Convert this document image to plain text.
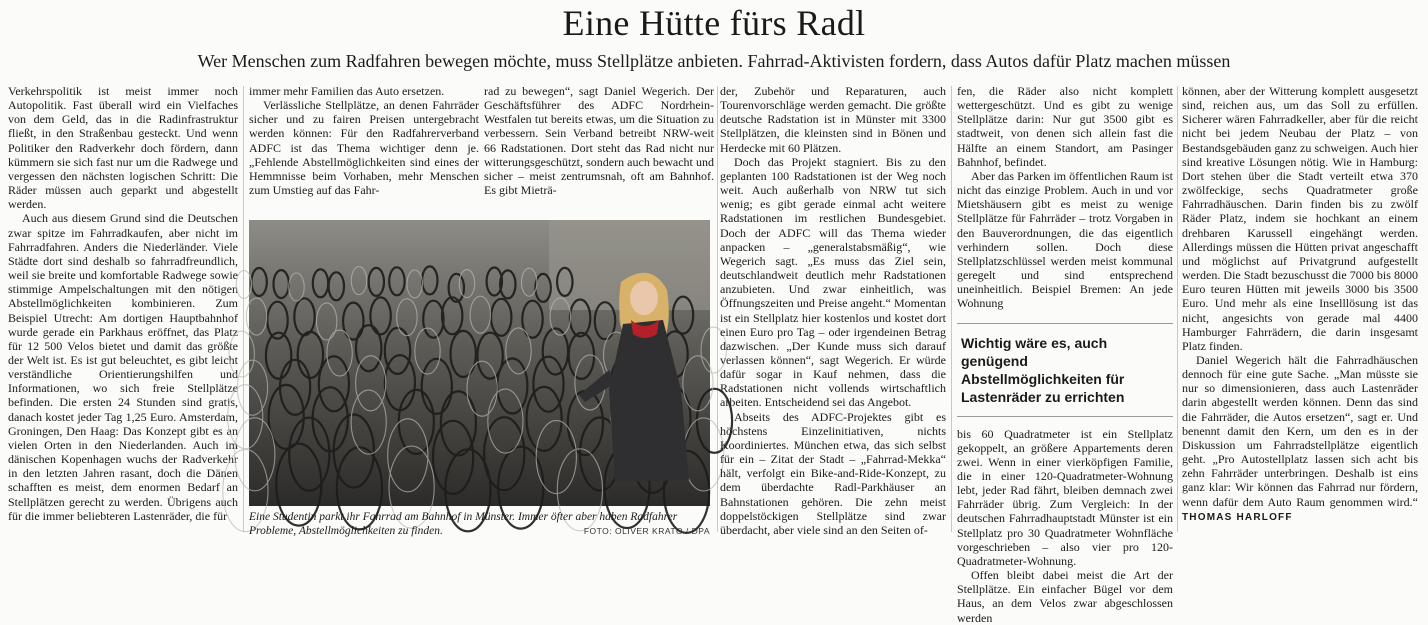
Eine Hütte fürs Radl

Wer Menschen zum Radfahren bewegen möchte, muss Stellplätze anbieten. Fahrrad-Aktivisten fordern, dass Autos dafür Platz machen müssen

Verkehrspolitik ist meist immer noch Autopolitik. Fast überall wird ein Vielfaches von dem Geld, das in die Radinfrastruktur fließt, in den Straßenbau gesteckt. Und wenn Politiker den Radverkehr doch fördern, dann kümmern sie sich fast nur um die Radwege und vergessen den nächsten logischen Schritt: Die Räder müssen auch geparkt und abgestellt werden.

Auch aus diesem Grund sind die Deutschen zwar spitze im Fahrradkaufen, aber nicht im Fahrradfahren. Anders die Niederländer. Viele Städte dort sind deshalb so fahrradfreundlich, weil sie breite und komfortable Radwege sowie stimmige Ampelschaltungen mit den nötigen Abstellmöglichkeiten kombinieren. Zum Beispiel Utrecht: Am dortigen Hauptbahnhof wurde gerade ein Parkhaus eröffnet, das Platz für 12 500 Velos bietet und damit das größte der Welt ist. Es ist gut beleuchtet, es gibt leicht verständliche Orientierungshilfen und Informationen, wo sich freie Stellplätze befinden. Die ersten 24 Stunden sind gratis, danach kostet jeder Tag 1,25 Euro. Amsterdam, Groningen, Den Haag: Das Konzept gibt es an vielen Orten in den Niederlanden. Auch im dänischen Kopenhagen wuchs der Radverkehr in den letzten Jahren rasant, doch die Dänen schafften es meist, dem enormen Bedarf an Stellplätzen gerecht zu werden. Übrigens auch für die immer beliebteren Lastenräder, die für

immer mehr Familien das Auto ersetzen.

Verlässliche Stellplätze, an denen Fahrräder sicher und zu fairen Preisen untergebracht werden können: Für den Radfahrerverband ADFC ist das Thema wichtiger denn je. „Fehlende Abstellmöglichkeiten sind eines der Hemmnisse beim Vorhaben, mehr Menschen zum Umstieg auf das Fahr-

rad zu bewegen“, sagt Daniel Wegerich. Der Geschäftsführer des ADFC Nordrhein-Westfalen tut bereits etwas, um die Situation zu verbessern. Sein Verband betreibt NRW-weit 66 Radstationen. Dort steht das Rad nicht nur witterungsgeschützt, sondern auch bewacht und sicher – meist zentrumsnah, oft am Bahnhof. Es gibt Mieträ-

Eine Studentin parkt ihr Fahrrad am Bahnhof in Münster. Immer öfter aber haben Radfahrer Probleme, Abstellmöglichkeiten zu finden.	FOTO: OLIVER KRATO / DPA

der, Zubehör und Reparaturen, auch Tourenvorschläge werden gemacht. Die größte deutsche Radstation ist in Münster mit 3300 Stellplätzen, die kleinsten sind in Bönen und Herdecke mit 60 Plätzen.

Doch das Projekt stagniert. Bis zu den geplanten 100 Radstationen ist der Weg noch weit. Auch außerhalb von NRW tut sich wenig; es gibt gerade einmal acht weitere Radstationen im restlichen Bundesgebiet. Doch der ADFC will das Thema wieder anpacken – „generalstabsmäßig“, wie Wegerich sagt. „Es muss das Ziel sein, deutschlandweit deutlich mehr Radstationen anzubieten. Und zwar einheitlich, was Öffnungszeiten und Preise angeht.“ Momentan ist ein Stellplatz hier kostenlos und kostet dort einen Euro pro Tag – oder irgendeinen Betrag dazwischen. „Der Kunde muss sich darauf verlassen können“, sagt Wegerich. Er würde dafür sogar in Kauf nehmen, dass die Radstationen nicht vollends wirtschaftlich arbeiten. Entscheidend sei das Angebot.

Abseits des ADFC-Projektes gibt es höchstens Einzelinitiativen, nichts Koordiniertes. München etwa, das sich selbst für ein – Zitat der Stadt – „Fahrrad-Mekka“ hält, verfolgt ein Bike-and-Ride-Konzept, zu dem überdachte Radl-Parkhäuser an Bahnstationen gehören. Die zehn meist doppelstöckigen Stellplätze sind zwar überdacht, aber viele sind an den Seiten of-

fen, die Räder also nicht komplett wettergeschützt. Und es gibt zu wenige Stellplätze darin: Nur gut 3500 gibt es stadtweit, von denen sich allein fast die Hälfte an einem Standort, am Pasinger Bahnhof, befindet.

Aber das Parken im öffentlichen Raum ist nicht das einzige Problem. Auch in und vor Mietshäusern gibt es meist zu wenige Stellplätze für Fahrräder – trotz Vorgaben in den Bauverordnungen, die das eigentlich verhindern sollen. Doch diese Stellplatzschlüssel werden meist kommunal geregelt und sind entsprechend uneinheitlich. Beispiel Bremen: An jede Wohnung

Wichtig wäre es, auch genügend Abstellmöglichkeiten für Lastenräder zu errichten

bis 60 Quadratmeter ist ein Stellplatz gekoppelt, an größere Appartements deren zwei. Wenn in einer vierköpfigen Familie, die in einer 120-Quadratmeter-Wohnung lebt, jeder Rad fährt, bleiben demnach zwei Fahrräder übrig. Zum Vergleich: In der deutschen Fahrradhauptstadt Münster ist ein Stellplatz pro 30 Quadratmeter Wohnfläche vorgeschrieben – also vier pro 120-Quadratmeter-Wohnung.

Offen bleibt dabei meist die Art der Stellplätze. Ein einfacher Bügel vor dem Haus, an dem Velos zwar abgeschlossen werden

können, aber der Witterung komplett ausgesetzt sind, reichen aus, um das Soll zu erfüllen. Sicherer wären Fahrradkeller, aber für die reicht nicht bei jedem Neubau der Platz – von Bestandsgebäuden ganz zu schweigen. Auch hier sind kreative Lösungen nötig. Wie in Hamburg: Dort stehen über die Stadt verteilt etwa 370 zwölfeckige, sechs Quadratmeter große Fahrradhäuschen. Darin finden bis zu zwölf Räder Platz, indem sie hochkant an einem drehbaren Karussell eingehängt werden. Allerdings müssen die Hütten privat angeschafft und möglichst auf Privatgrund aufgestellt werden. Die Stadt bezuschusst die 7000 bis 8000 Euro teuren Hütten mit jeweils 3000 bis 3500 Euro. Und mehr als eine Inselllösung ist das nicht, angesichts von gerade mal 4400 Hamburger Fahrrädern, die darin insgesamt Platz finden.

Daniel Wegerich hält die Fahrradhäuschen dennoch für eine gute Sache. „Man müsste sie nur so dimensionieren, dass auch Lastenräder darin abgestellt werden können. Denn das sind die Fahrräder, die Autos ersetzen“, sagt er. Und benennt damit den Kern, um den es in der Diskussion um Fahrradstellplätze eigentlich geht. „Pro Autostellplatz lassen sich acht bis zehn Fahrräder unterbringen. Deshalb ist eins ganz klar: Wir können das Fahrrad nur fördern, wenn dafür dem Auto Raum genommen wird.“ THOMAS HARLOFF
